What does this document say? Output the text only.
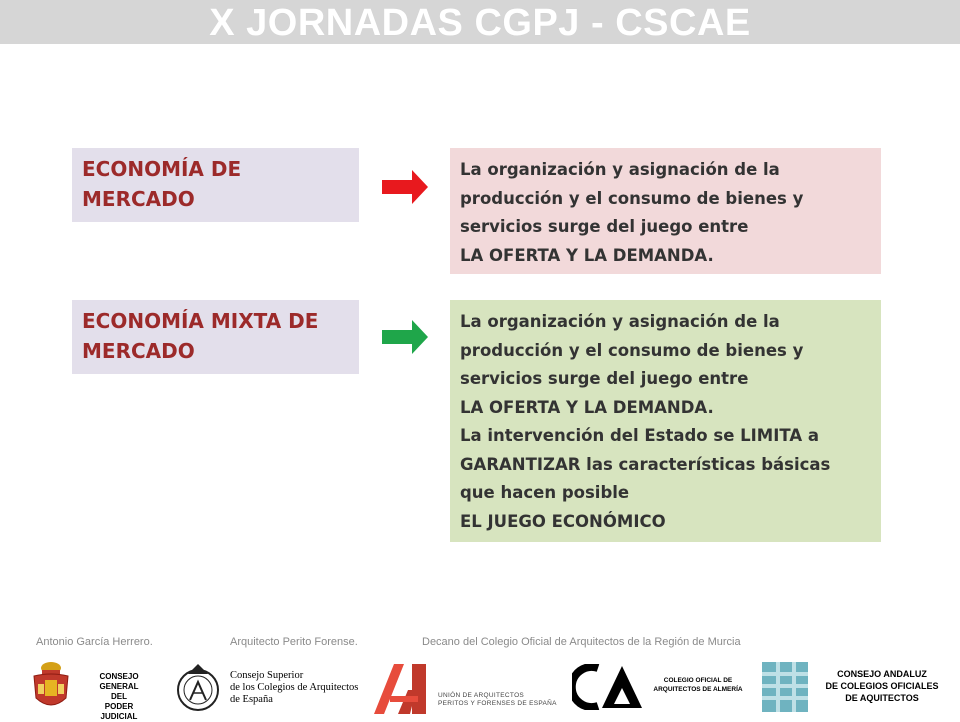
X JORNADAS CGPJ - CSCAE
ECONOMÍA DE
MERCADO
La organización y asignación de la
producción y el consumo de bienes y
servicios surge del juego entre
LA OFERTA Y LA DEMANDA.
ECONOMÍA MIXTA DE
MERCADO
La organización y asignación de la
producción y el consumo de bienes y
servicios surge del juego entre
LA OFERTA Y LA DEMANDA.
La intervención del Estado se LIMITA a
GARANTIZAR las características básicas
que hacen posible
EL JUEGO ECONÓMICO
Antonio García Herrero.	Arquitecto Perito Forense.	Decano del Colegio Oficial de Arquitectos de la Región de Murcia
CONSEJO GENERAL
DEL
PODER JUDICIAL
Consejo Superior
de los Colegios de Arquitectos
de España	UNIÓN DE ARQUITECTOS
PERITOS Y FORENSES DE ESPAÑA
COLEGIO OFICIAL DE
ARQUITECTOS DE ALMERÍA
CONSEJO ANDALUZ
DE COLEGIOS OFICIALES
DE AQUITECTOS
